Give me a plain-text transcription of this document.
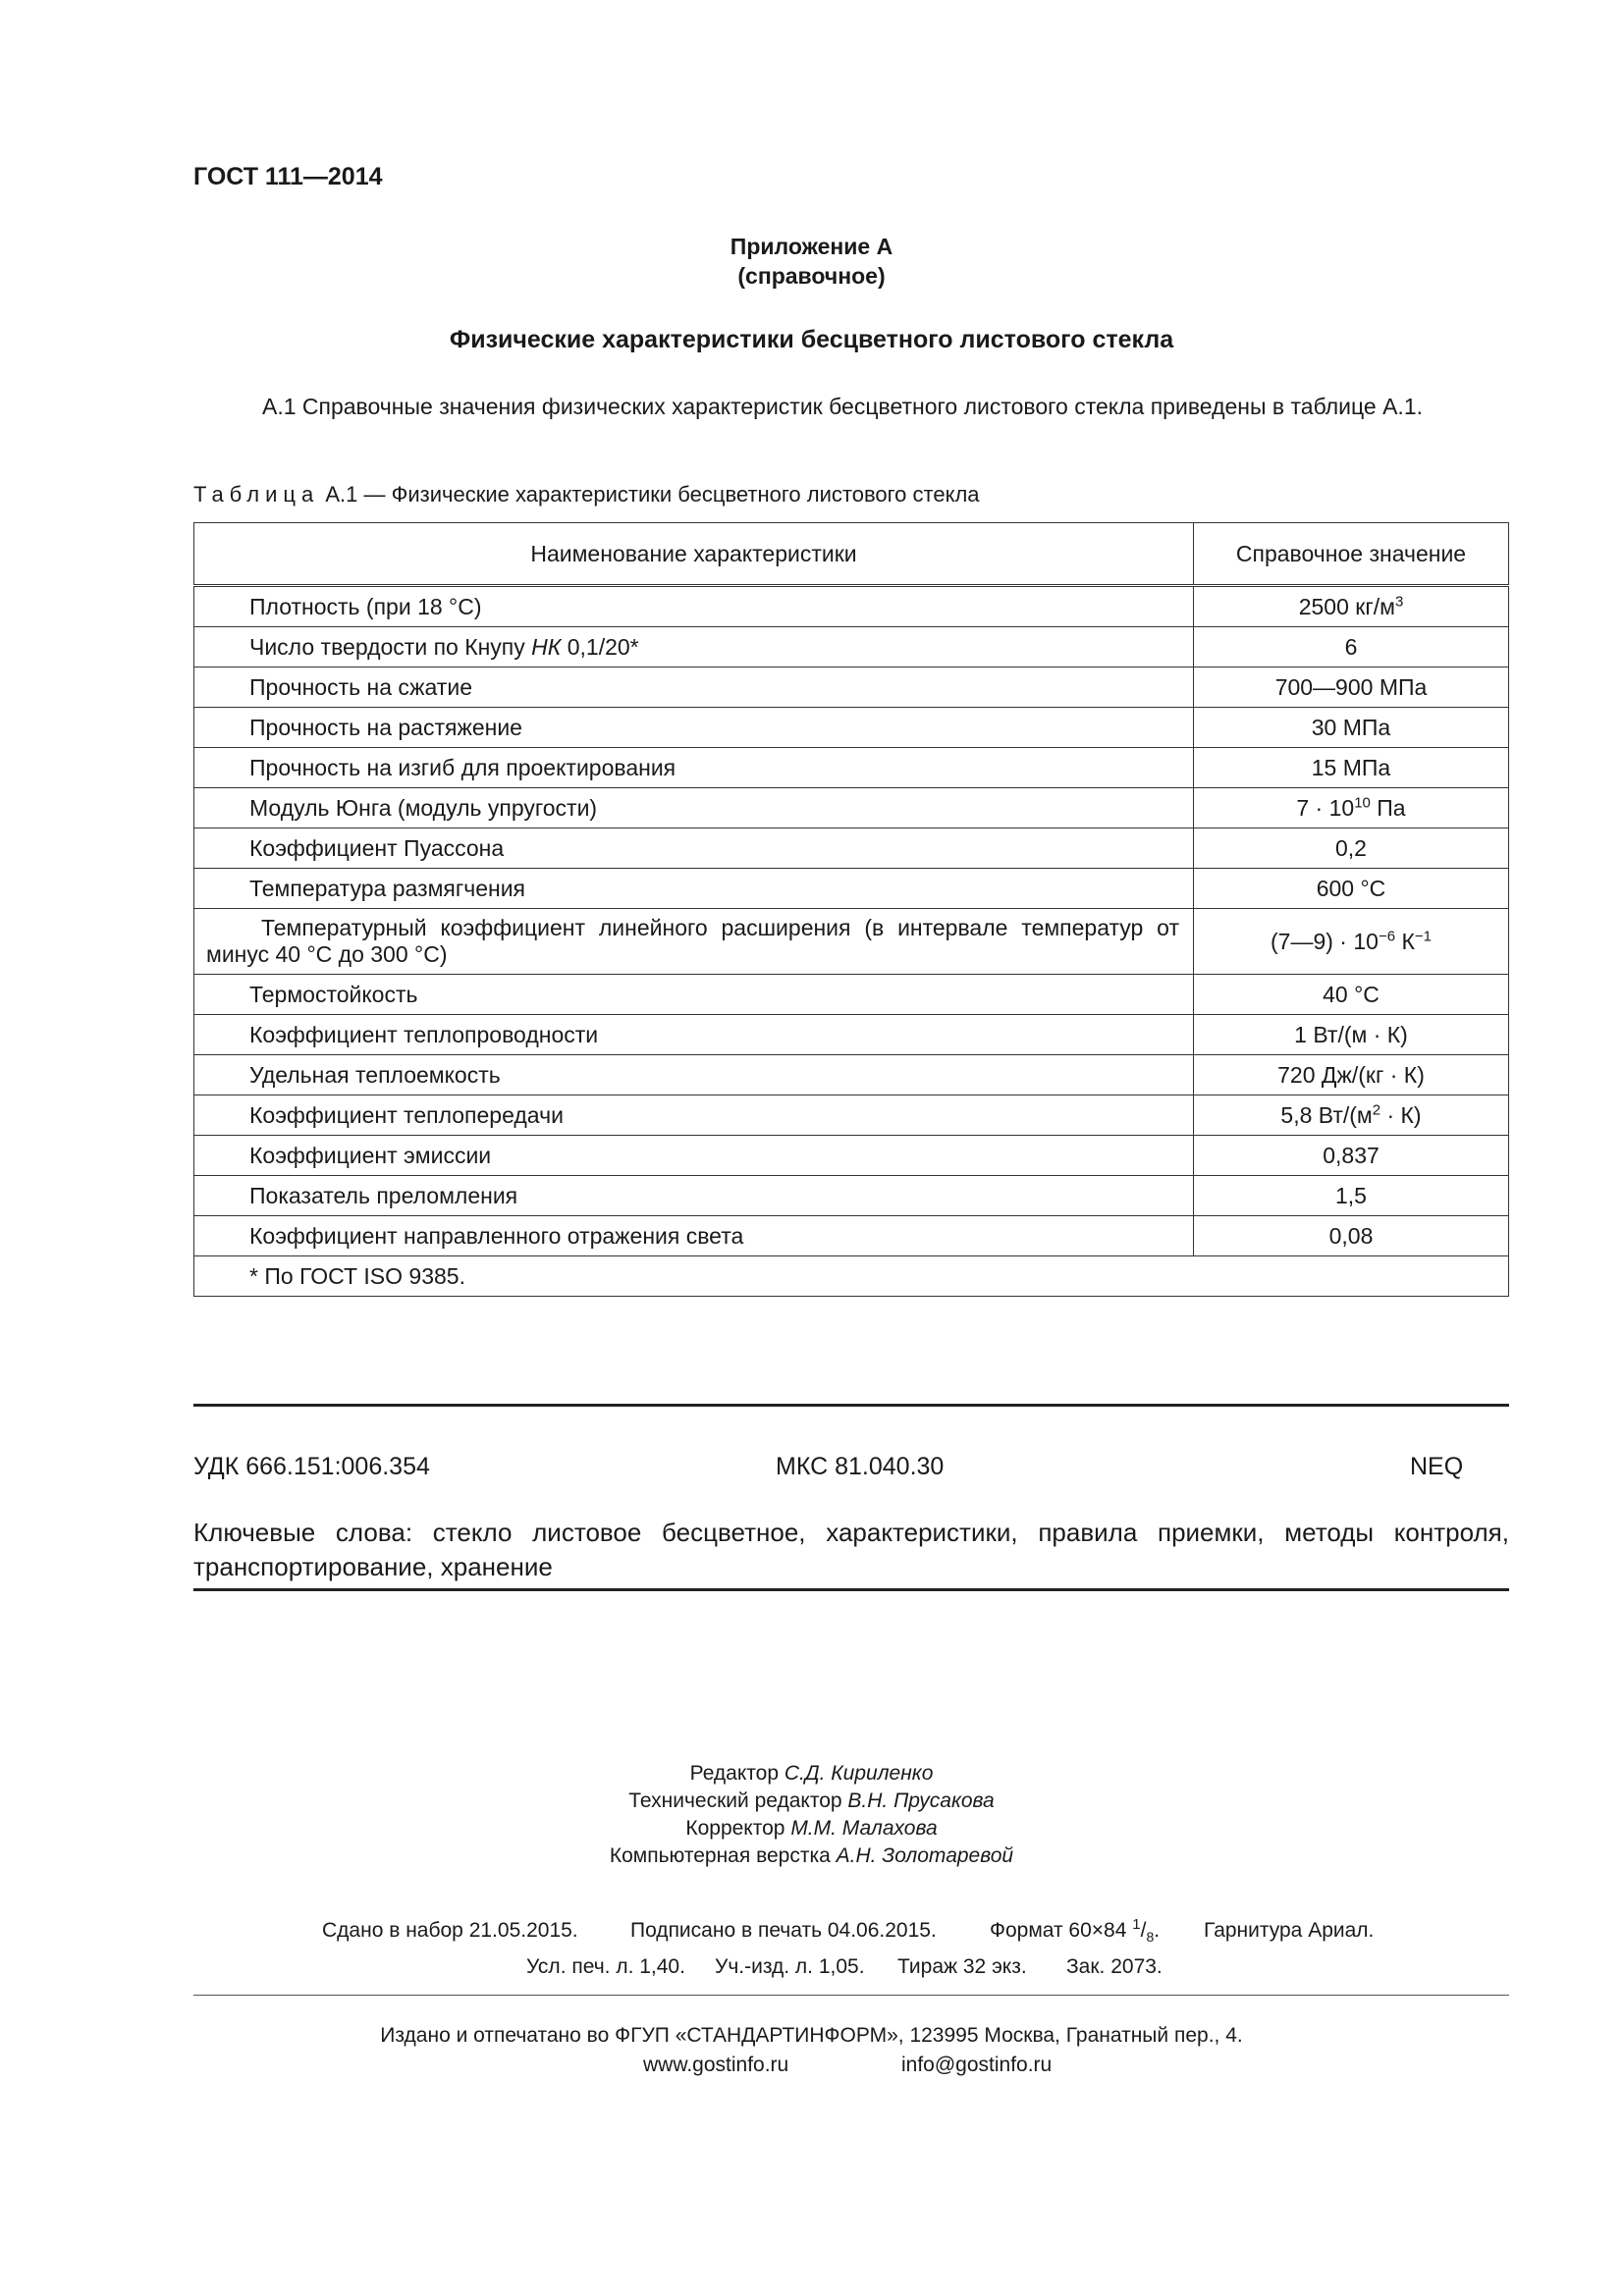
ГОСТ 111—2014
Приложение А
(справочное)
Физические характеристики бесцветного листового стекла
А.1 Справочные значения физических характеристик бесцветного листового стекла приведены в таблице А.1.
Таблица А.1 — Физические характеристики бесцветного листового стекла
Наименование характеристики	Справочное значение
Плотность (при 18 °С)	2500 $кг/м^3$
Число твердости по Кнупу НК 0,1/20*	6
Прочность на сжатие	700—900 МПа
Прочность на растяжение	30 МПа
Прочность на изгиб для проектирования	15 МПа
Модуль Юнга (модуль упругости)	$7 \cdot 10^{10}$ Па
Коэффициент Пуассона	0,2
Температура размягчения	600 °С
Температурный коэффициент линейного расширения (в интервале температур от минус 40 °С до 300 °С)	(7—9) · $10^{-6}$ $К^{-1}$
Термостойкость	40 °С
Коэффициент теплопроводности	1 Вт/(м · К)
Удельная теплоемкость	720 Дж/(кг · К)
Коэффициент теплопередачи	5,8 $Вт/(м^2 \cdot К)$
Коэффициент эмиссии	0,837
Показатель преломления	1,5
Коэффициент направленного отражения света	0,08
* По ГОСТ ISO 9385.	
УДК 666.151:006.354	МКС 81.040.30	NEQ
Ключевые слова: стекло листовое бесцветное, характеристики, правила приемки, методы контроля, транспортирование, хранение
Редактор С.Д. Кириленко
Технический редактор В.Н. Прусакова
Корректор М.М. Малахова
Компьютерная верстка А.Н. Золотаревой
Сдано в набор 21.05.2015.	Подписано в печать 04.06.2015.	Формат 60×84 $^1/_8$. Гарнитура Ариал.
Усл. печ. л. 1,40. Уч.-изд. л. 1,05. Тираж 32 экз. Зак. 2073.
Издано и отпечатано во ФГУП «СТАНДАРТИНФОРМ», 123995 Москва, Гранатный пер., 4.
www.gostinfo.ru	info@gostinfo.ru
